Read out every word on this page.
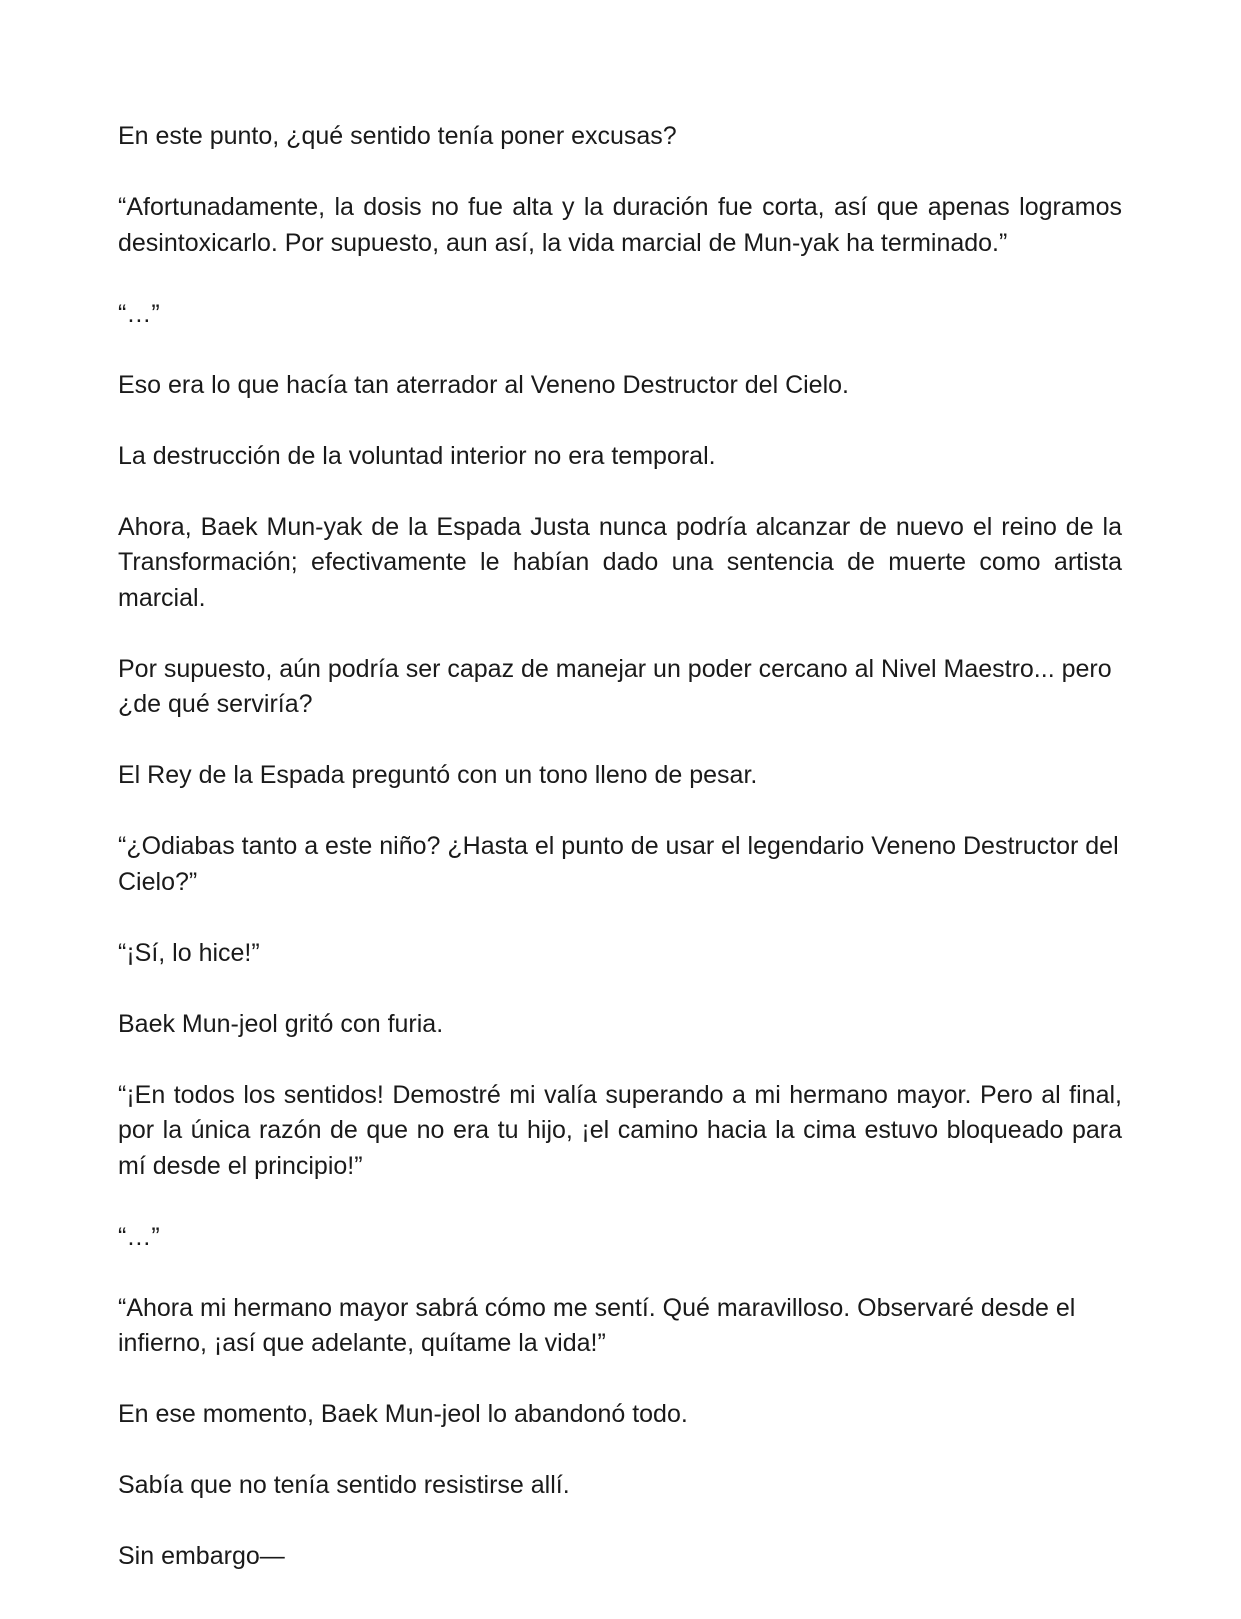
En este punto, ¿qué sentido tenía poner excusas?

“Afortunadamente, la dosis no fue alta y la duración fue corta, así que apenas logramos desintoxicarlo. Por supuesto, aun así, la vida marcial de Mun-yak ha terminado.”

“…”

Eso era lo que hacía tan aterrador al Veneno Destructor del Cielo.

La destrucción de la voluntad interior no era temporal.

Ahora, Baek Mun-yak de la Espada Justa nunca podría alcanzar de nuevo el reino de la Transformación; efectivamente le habían dado una sentencia de muerte como artista marcial.

Por supuesto, aún podría ser capaz de manejar un poder cercano al Nivel Maestro... pero ¿de qué serviría?

El Rey de la Espada preguntó con un tono lleno de pesar.

“¿Odiabas tanto a este niño? ¿Hasta el punto de usar el legendario Veneno Destructor del Cielo?”

“¡Sí, lo hice!”

Baek Mun-jeol gritó con furia.

“¡En todos los sentidos! Demostré mi valía superando a mi hermano mayor. Pero al final, por la única razón de que no era tu hijo, ¡el camino hacia la cima estuvo bloqueado para mí desde el principio!”

“…”

“Ahora mi hermano mayor sabrá cómo me sentí. Qué maravilloso. Observaré desde el infierno, ¡así que adelante, quítame la vida!”

En ese momento, Baek Mun-jeol lo abandonó todo.

Sabía que no tenía sentido resistirse allí.

Sin embargo—
